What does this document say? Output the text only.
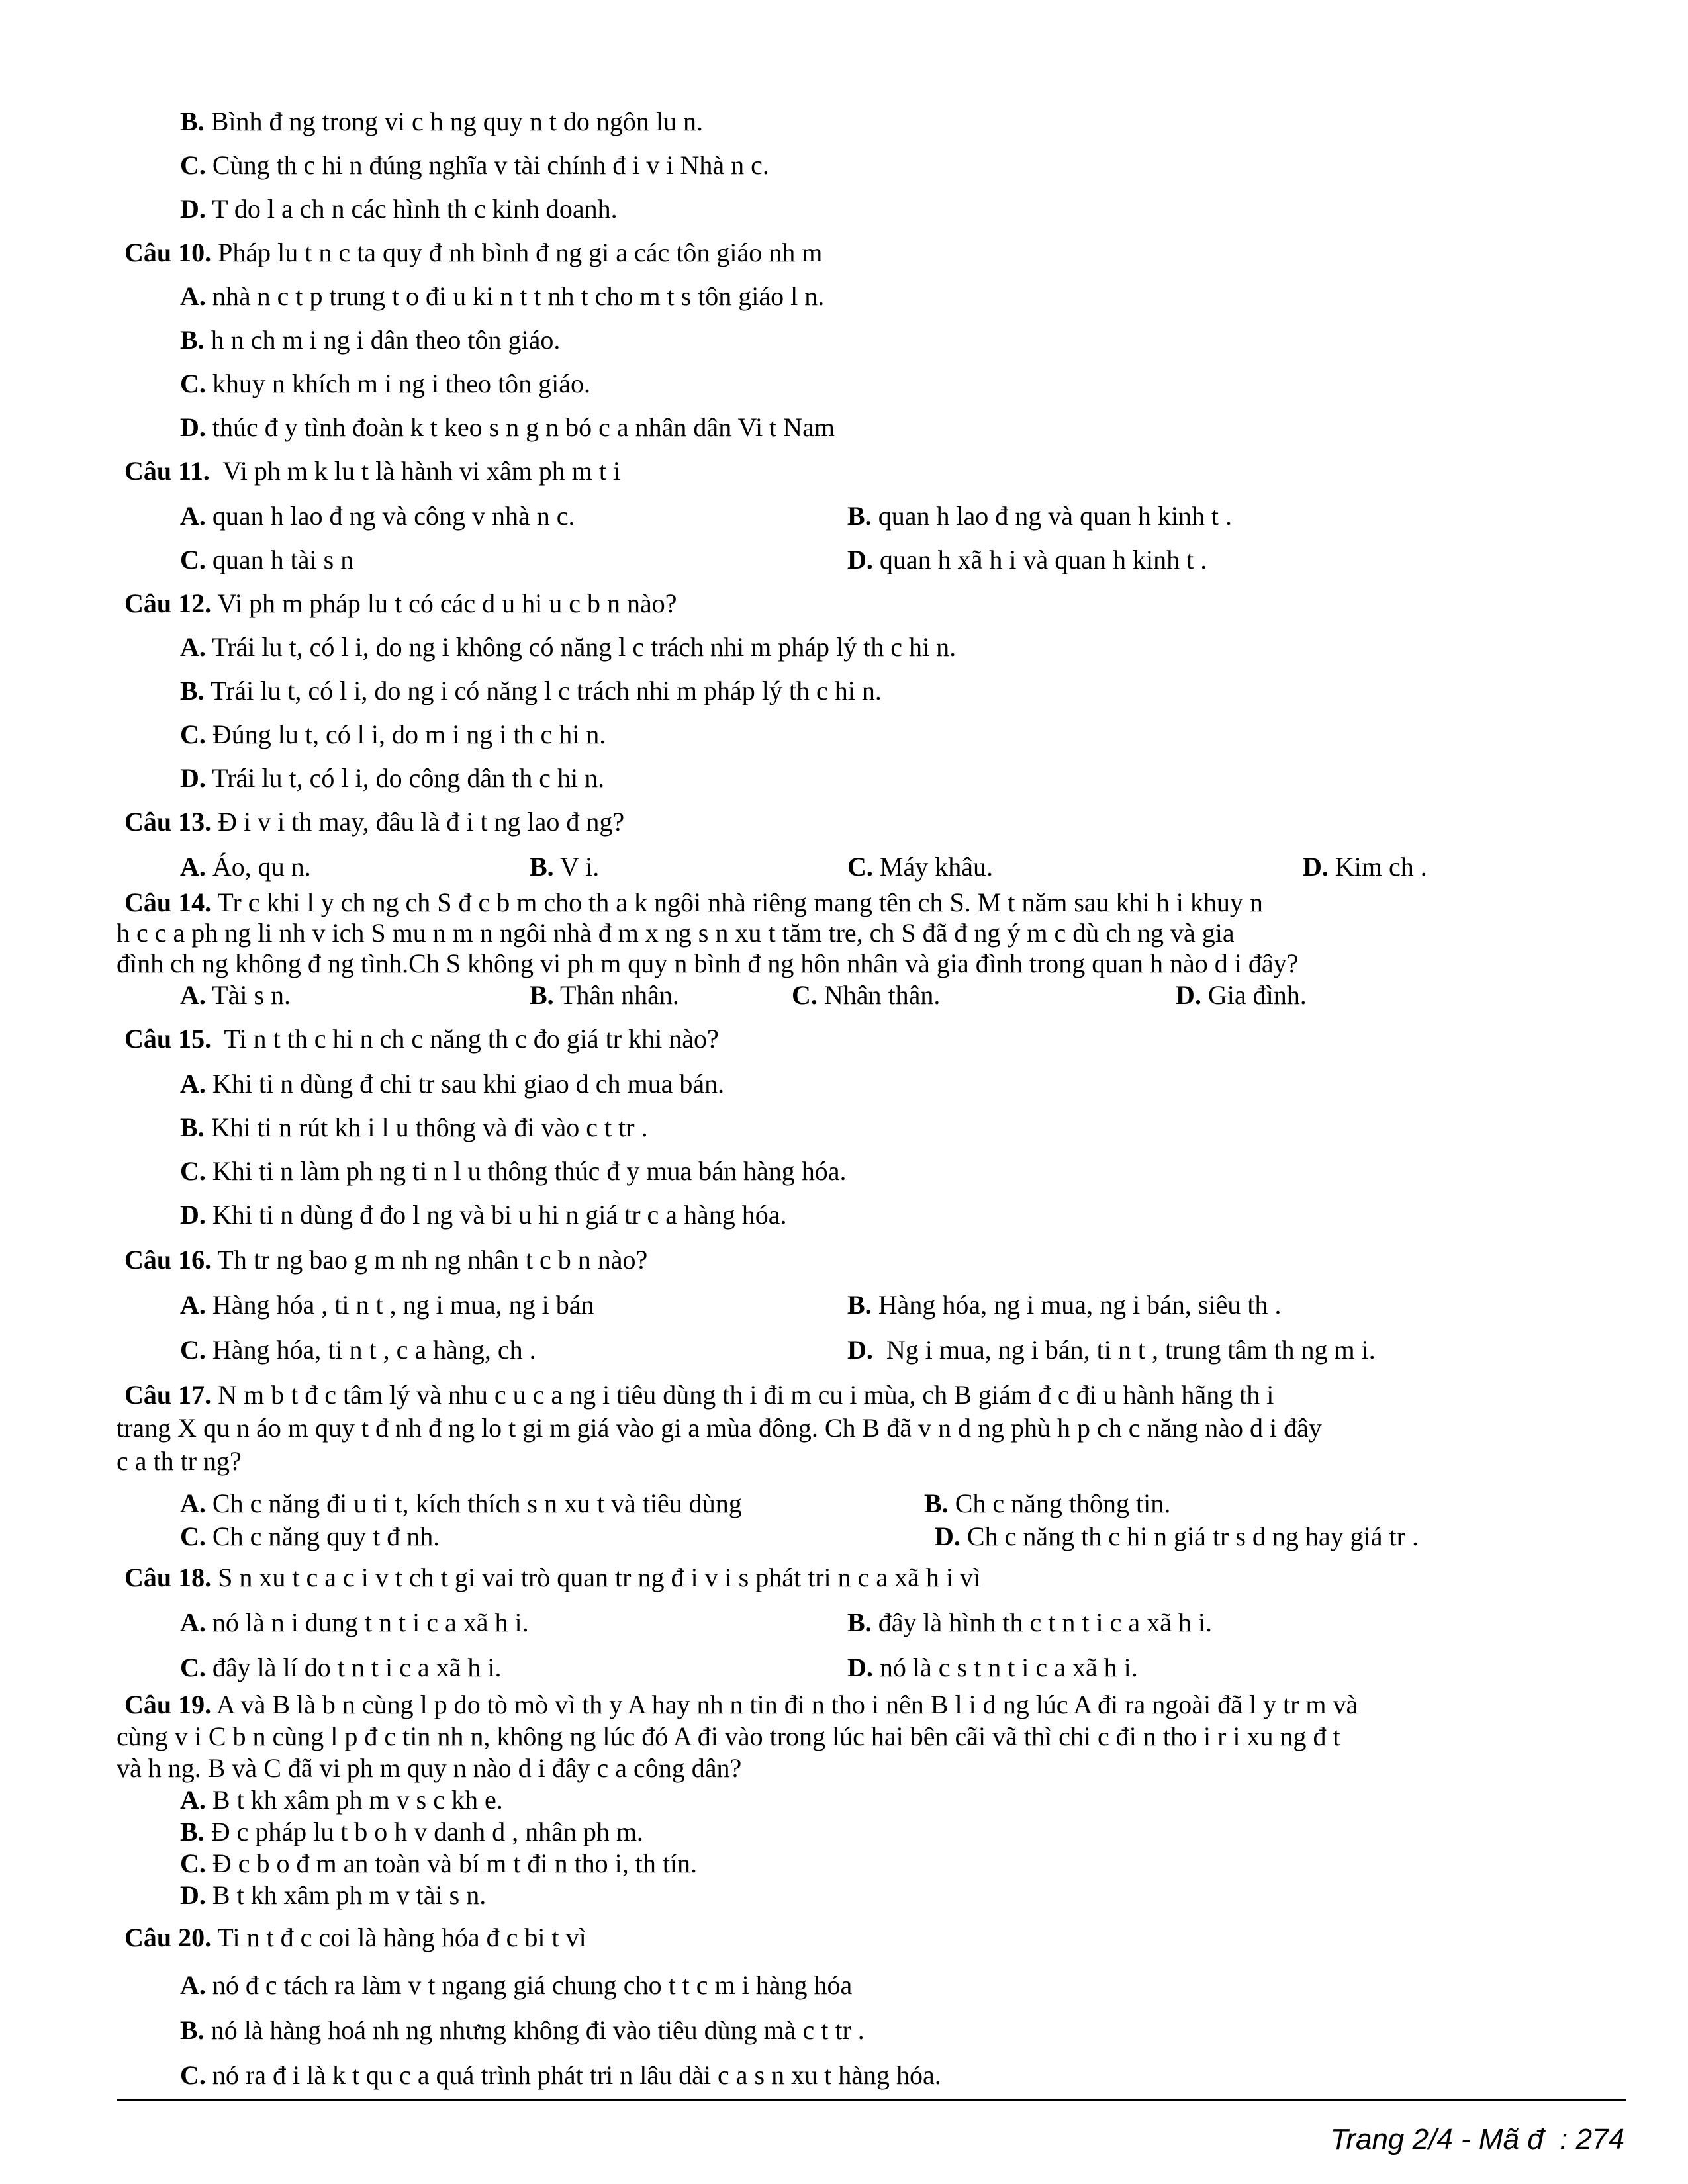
B. Bình đ ng trong vi c h ng quy n t do ngôn lu n.
C. Cùng th c hi n đúng nghĩa v tài chính đ i v i Nhà n c.
D. T do l a ch n các hình th c kinh doanh.
Câu 10. Pháp lu t n c ta quy đ nh bình đ ng gi a các tôn giáo nh m
A. nhà n c t p trung t o đi u ki n t t nh t cho m t s tôn giáo l n.
B. h n ch m i ng i dân theo tôn giáo.
C. khuy n khích m i ng i theo tôn giáo.
D. thúc đ y tình đoàn k t keo s n g n bó c a nhân dân Vi t Nam
Câu 11.  Vi ph m k lu t là hành vi xâm ph m t i
A. quan h lao đ ng và công v nhà n c.	B. quan h lao đ ng và quan h kinh t .
C. quan h tài s n	D. quan h xã h i và quan h kinh t .
Câu 12. Vi ph m pháp lu t có các d u hi u c b n nào?
A. Trái lu t, có l i, do ng i không có năng l c trách nhi m pháp lý th c hi n.
B. Trái lu t, có l i, do ng i có năng l c trách nhi m pháp lý th c hi n.
C. Đúng lu t, có l i, do m i ng i th c hi n.
D. Trái lu t, có l i, do công dân th c hi n.
Câu 13. Đ i v i th may, đâu là đ i t ng lao đ ng?
A. Áo, qu n.	B. V i.	C. Máy khâu.	D. Kim ch .
Câu 14. Tr c khi l y ch ng ch S đ c b m cho th a k ngôi nhà riêng mang tên ch S. M t năm sau khi h i khuy n
h c c a ph ng li nh v ich S mu n m n ngôi nhà đ m x ng s n xu t tăm tre, ch S đã đ ng ý m c dù ch ng và gia
đình ch ng không đ ng tình.Ch S không vi ph m quy n bình đ ng hôn nhân và gia đình trong quan h nào d i đây?
A. Tài s n.	B. Thân nhân.	C. Nhân thân.	D. Gia đình.
Câu 15.  Ti n t th c hi n ch c năng th c đo giá tr khi nào?
A. Khi ti n dùng đ chi tr sau khi giao d ch mua bán.
B. Khi ti n rút kh i l u thông và đi vào c t tr .
C. Khi ti n làm ph ng ti n l u thông thúc đ y mua bán hàng hóa.
D. Khi ti n dùng đ đo l ng và bi u hi n giá tr c a hàng hóa.
Câu 16. Th tr ng bao g m nh ng nhân t c b n nào?
A. Hàng hóa , ti n t , ng i mua, ng i bán	B. Hàng hóa, ng i mua, ng i bán, siêu th .
C. Hàng hóa, ti n t , c a hàng, ch .	D.  Ng i mua, ng i bán, ti n t , trung tâm th ng m i.
Câu 17. N m b t đ c tâm lý và nhu c u c a ng i tiêu dùng th i đi m cu i mùa, ch B giám đ c đi u hành hãng th i
trang X qu n áo m quy t đ nh đ ng lo t gi m giá vào gi a mùa đông. Ch B đã v n d ng phù h p ch c năng nào d i đây
c a th tr ng?
A. Ch c năng đi u ti t, kích thích s n xu t và tiêu dùng	B. Ch c năng thông tin.
C. Ch c năng quy t đ nh.	D. Ch c năng th c hi n giá tr s d ng hay giá tr .
Câu 18. S n xu t c a c i v t ch t gi vai trò quan tr ng đ i v i s phát tri n c a xã h i vì
A. nó là n i dung t n t i c a xã h i.	B. đây là hình th c t n t i c a xã h i.
C. đây là lí do t n t i c a xã h i.	D. nó là c s t n t i c a xã h i.
Câu 19. A và B là b n cùng l p do tò mò vì th y A hay nh n tin đi n tho i nên B l i d ng lúc A đi ra ngoài đã l y tr m và
cùng v i C b n cùng l p đ c tin nh n, không ng lúc đó A đi vào trong lúc hai bên cãi vã thì chi c đi n tho i r i xu ng đ t
và h ng. B và C đã vi ph m quy n nào d i đây c a công dân?
A. B t kh xâm ph m v s c kh e.
B. Đ c pháp lu t b o h v danh d , nhân ph m.
C. Đ c b o đ m an toàn và bí m t đi n tho i, th tín.
D. B t kh xâm ph m v tài s n.
Câu 20. Ti n t đ c coi là hàng hóa đ c bi t vì
A. nó đ c tách ra làm v t ngang giá chung cho t t c m i hàng hóa
B. nó là hàng hoá nh ng nhưng không đi vào tiêu dùng mà c t tr .
C. nó ra đ i là k t qu c a quá trình phát tri n lâu dài c a s n xu t hàng hóa.
Trang 2/4 - Mã đ  : 274
